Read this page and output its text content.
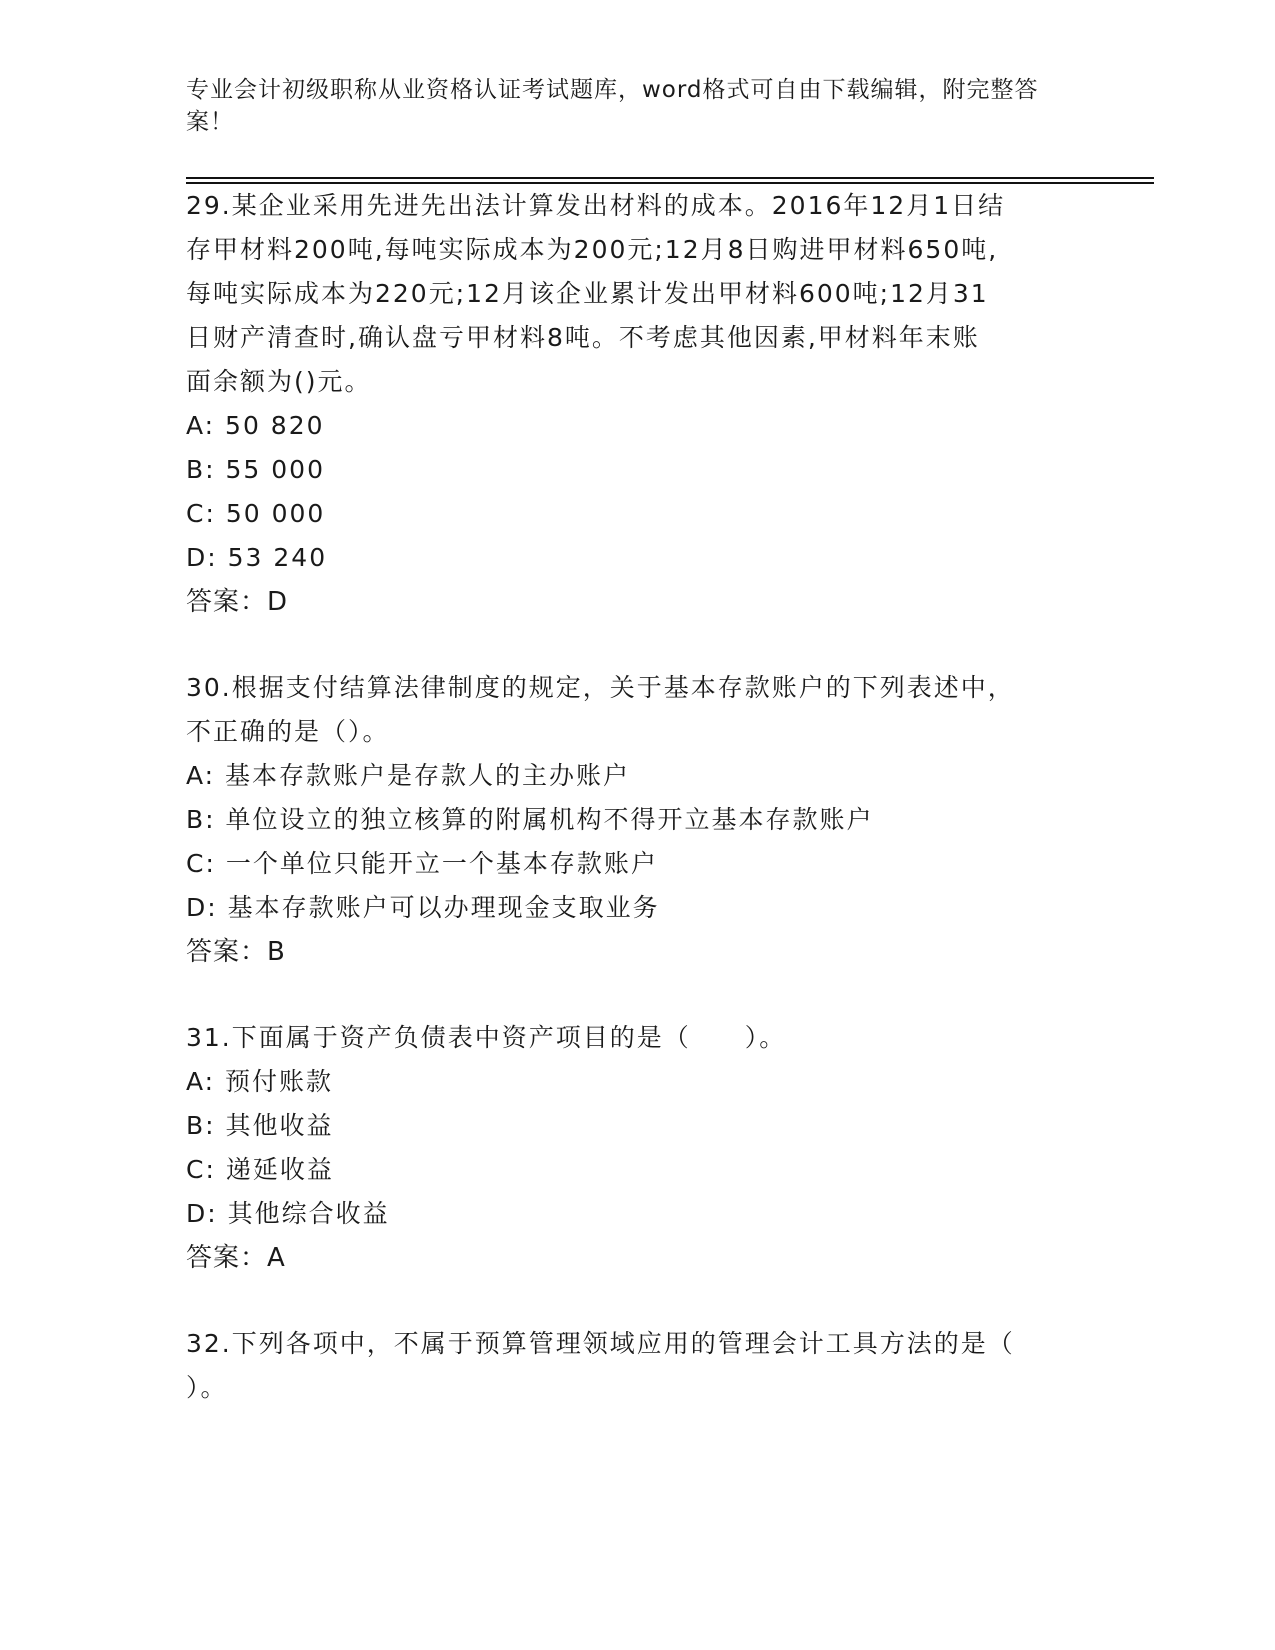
专业会计初级职称从业资格认证考试题库，word格式可自由下载编辑，附完整答案！
29.某企业采用先进先出法计算发出材料的成本。2016年12月1日结
存甲材料200吨,每吨实际成本为200元;12月8日购进甲材料650吨,
每吨实际成本为220元;12月该企业累计发出甲材料600吨;12月31
日财产清查时,确认盘亏甲材料8吨。不考虑其他因素,甲材料年末账
面余额为()元。
A: 50 820
B: 55 000
C: 50 000
D: 53 240
答案：D
30.根据支付结算法律制度的规定，关于基本存款账户的下列表述中，
不正确的是（）。
A: 基本存款账户是存款人的主办账户
B: 单位设立的独立核算的附属机构不得开立基本存款账户
C: 一个单位只能开立一个基本存款账户
D: 基本存款账户可以办理现金支取业务
答案：B
31.下面属于资产负债表中资产项目的是（　　）。
A: 预付账款
B: 其他收益
C: 递延收益
D: 其他综合收益
答案：A
32.下列各项中，不属于预算管理领域应用的管理会计工具方法的是（
）。
